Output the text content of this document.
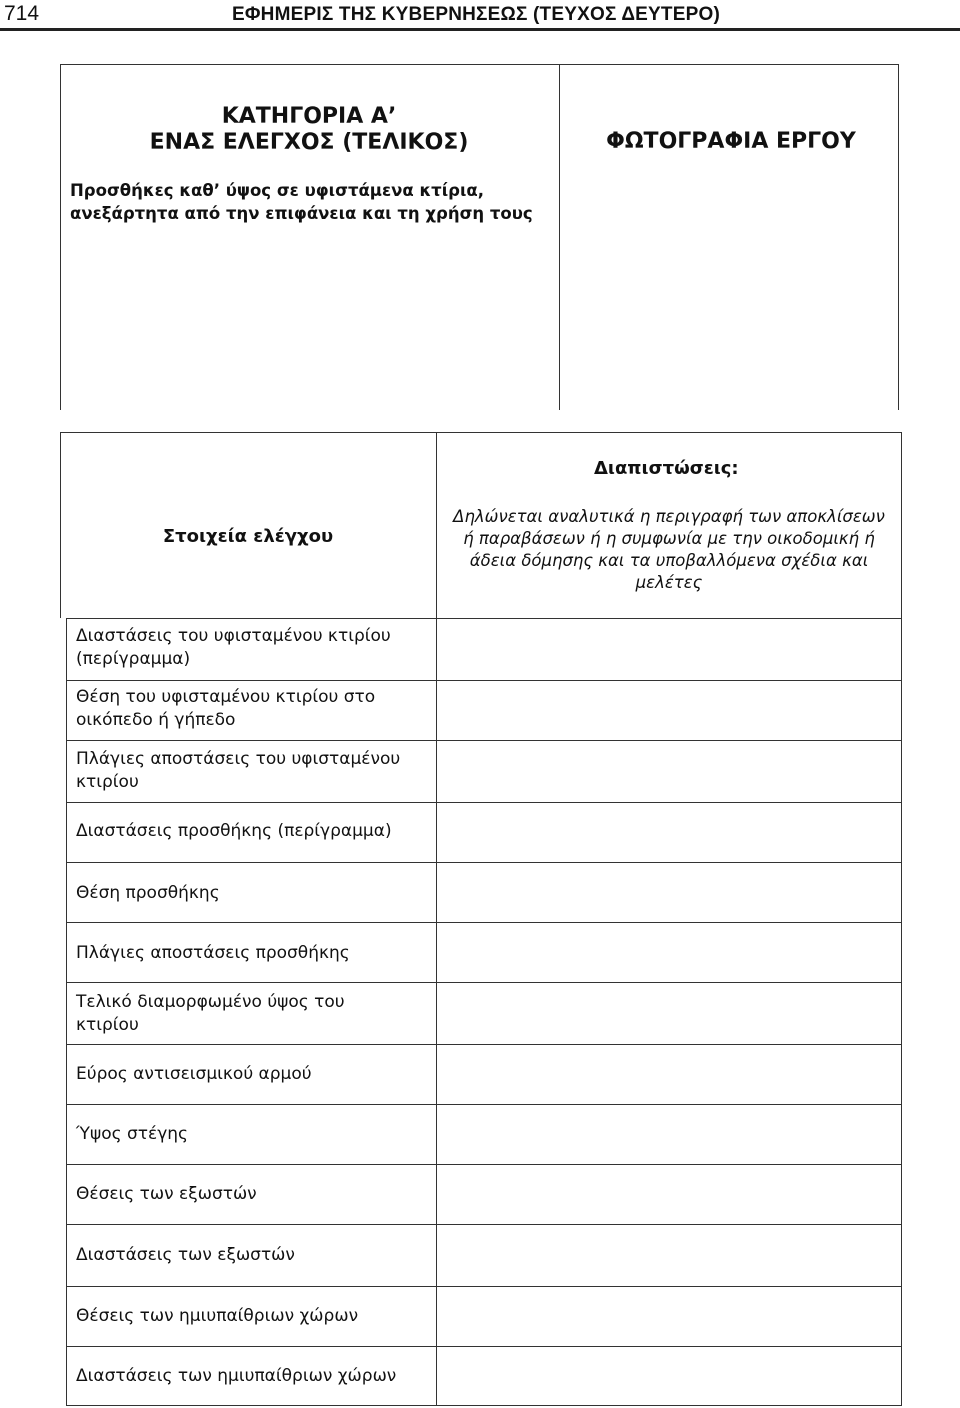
714	ΕΦΗΜΕΡΙΣ ΤΗΣ ΚΥΒΕΡΝΗΣΕΩΣ (ΤΕΥΧΟΣ ΔΕΥΤΕΡΟ)
ΚΑΤΗΓΟΡΙΑ Α’
ΕΝΑΣ ΕΛΕΓΧΟΣ (ΤΕΛΙΚΟΣ)
Προσθήκες καθ’ ύψος σε υφιστάμενα κτίρια,
ανεξάρτητα από την επιφάνεια και τη χρήση τους
ΦΩΤΟΓΡΑΦΙΑ ΕΡΓΟΥ
Στοιχεία ελέγχου
Διαπιστώσεις:
Δηλώνεται αναλυτικά η περιγραφή των αποκλίσεων
ή παραβάσεων ή η συμφωνία με την οικοδομική ή
άδεια δόμησης και τα υποβαλλόμενα σχέδια και
μελέτες
Διαστάσεις του υφισταμένου κτιρίου
(περίγραμμα)
Θέση του υφισταμένου κτιρίου στο
οικόπεδο ή γήπεδο
Πλάγιες αποστάσεις του υφισταμένου
κτιρίου
Διαστάσεις προσθήκης (περίγραμμα)
Θέση προσθήκης
Πλάγιες αποστάσεις προσθήκης
Τελικό διαμορφωμένο ύψος του
κτιρίου
Εύρος αντισεισμικού αρμού
Ύψος στέγης
Θέσεις των εξωστών
Διαστάσεις των εξωστών
Θέσεις των ημιυπαίθριων χώρων
Διαστάσεις των ημιυπαίθριων χώρων
